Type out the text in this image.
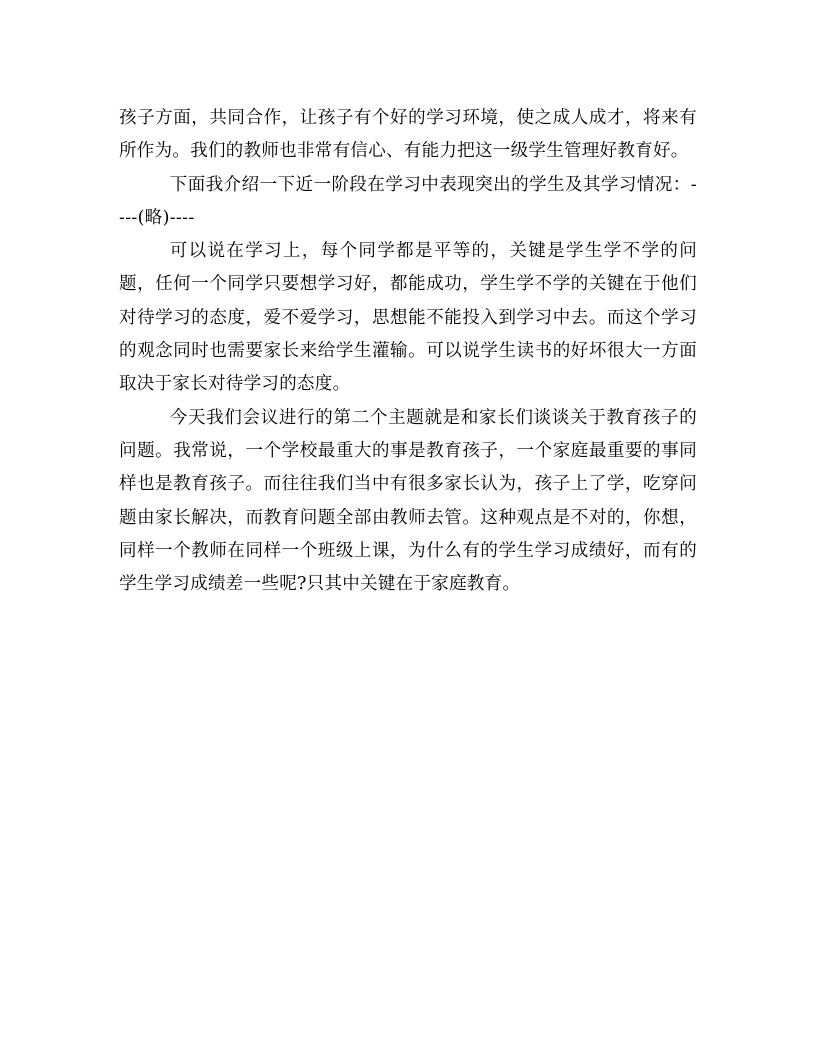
孩子方面，共同合作，让孩子有个好的学习环境，使之成人成才，将来有所作为。我们的教师也非常有信心、有能力把这一级学生管理好教育好。

下面我介绍一下近一阶段在学习中表现突出的学生及其学习情况：----(略)----

可以说在学习上，每个同学都是平等的，关键是学生学不学的问题，任何一个同学只要想学习好，都能成功，学生学不学的关键在于他们对待学习的态度，爱不爱学习，思想能不能投入到学习中去。而这个学习的观念同时也需要家长来给学生灌输。可以说学生读书的好坏很大一方面取决于家长对待学习的态度。

今天我们会议进行的第二个主题就是和家长们谈谈关于教育孩子的问题。我常说，一个学校最重大的事是教育孩子，一个家庭最重要的事同样也是教育孩子。而往往我们当中有很多家长认为，孩子上了学，吃穿问题由家长解决，而教育问题全部由教师去管。这种观点是不对的，你想，同样一个教师在同样一个班级上课，为什么有的学生学习成绩好，而有的学生学习成绩差一些呢?只其中关键在于家庭教育。
